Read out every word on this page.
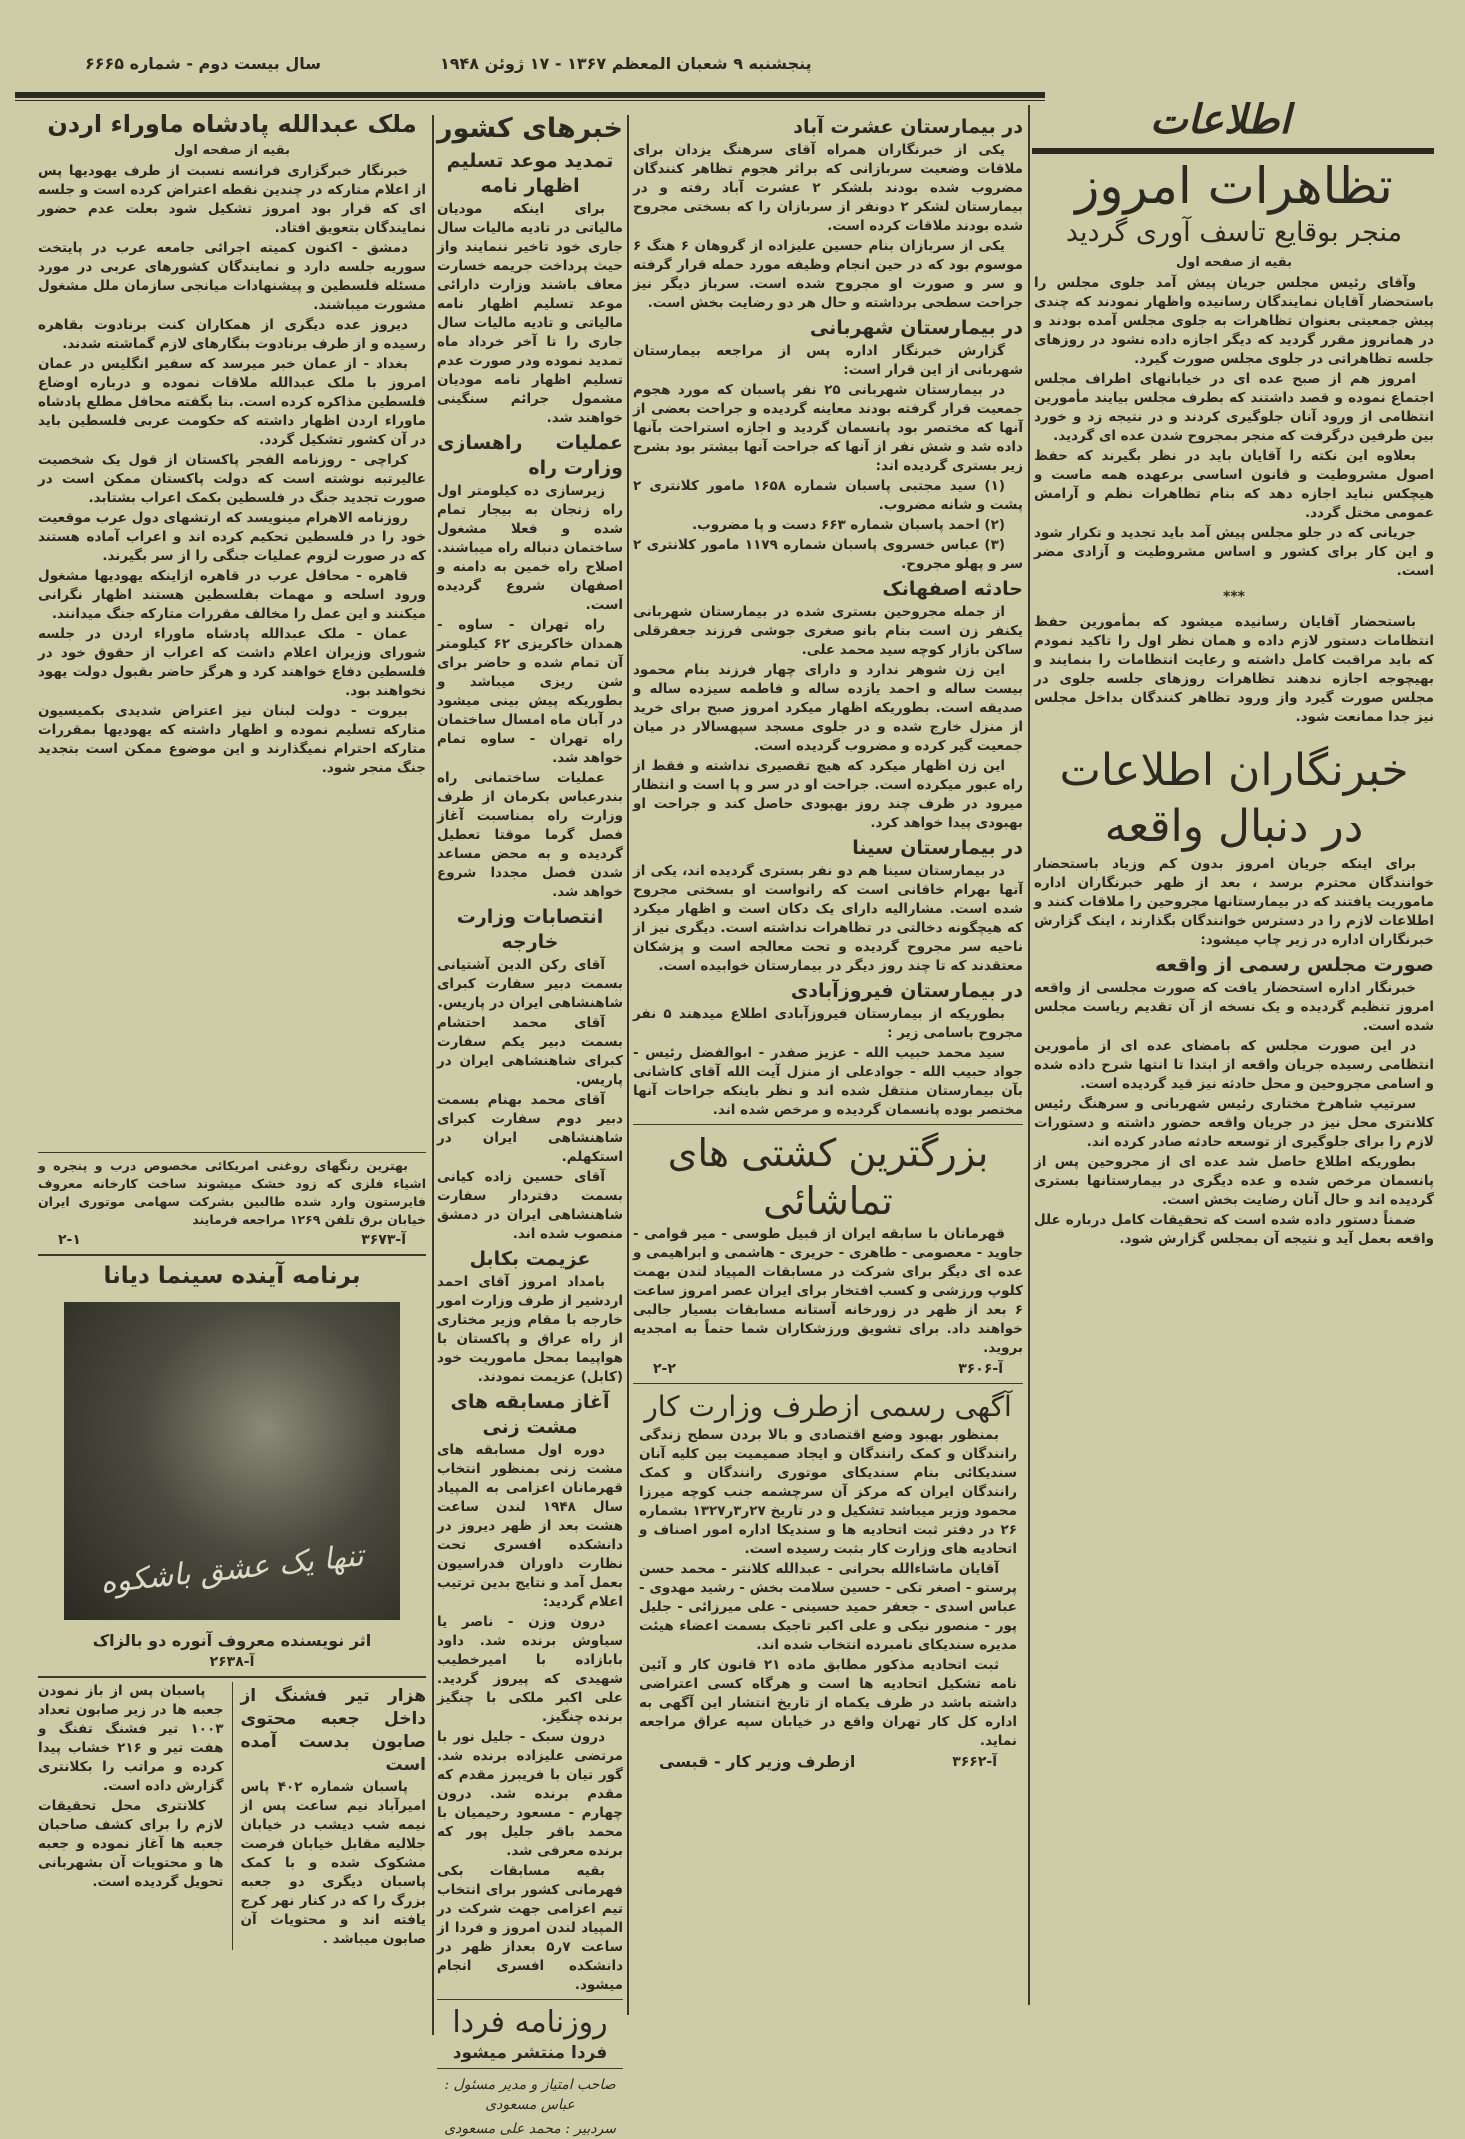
سال بیست دوم - شماره ۶۶۶۵	پنجشنبه ۹ شعبان المعظم ۱۳۶۷ - ۱۷ ژوئن ۱۹۴۸
اطلاعات
تظاهرات امروز
منجر بوقایع تاسف آوری گردید
بقیه از صفحه اول

وآقای رئیس مجلس جریان پیش آمد جلوی مجلس را باستحضار آقایان نمایندگان رسانیده واظهار نمودند که چندی پیش جمعیتی بعنوان تظاهرات به جلوی مجلس آمده بودند و در همانروز مقرر گردید که دیگر اجازه داده نشود در روزهای جلسه تظاهراتی در جلوی مجلس صورت گیرد.

امروز هم از صبح عده ای در خیابانهای اطراف مجلس اجتماع نموده و قصد داشتند که بطرف مجلس بیایند مأمورین انتظامی از ورود آنان جلوگیری کردند و در نتیجه زد و خورد بین طرفین درگرفت که منجر بمجروح شدن عده ای گردید.

بعلاوه این نکته را آقایان باید در نظر بگیرند که حفظ اصول مشروطیت و قانون اساسی برعهده همه ماست و هیچکس نباید اجازه دهد که بنام تظاهرات نظم و آرامش عمومی مختل گردد.

جریانی که در جلو مجلس پیش آمد باید تجدید و تکرار شود و این کار برای کشور و اساس مشروطیت و آزادی مضر است.

***

باستحضار آقایان رسانیده میشود که بمأمورین حفظ انتظامات دستور لازم داده و همان نظر اول را تاکید نمودم که باید مراقبت کامل داشته و رعایت انتظامات را بنمایند و بهیچوجه اجازه ندهند تظاهرات روزهای جلسه جلوی در مجلس صورت گیرد واز ورود تظاهر کنندگان بداخل مجلس نیز جدا ممانعت شود.

خبرنگاران اطلاعات
در دنبال واقعه

برای اینکه جریان امروز بدون کم وزیاد باستحضار خوانندگان محترم برسد ، بعد از ظهر خبرنگاران اداره ماموریت یافتند که در بیمارستانها مجروحین را ملاقات کنند و اطلاعات لازم را در دسترس خوانندگان بگذارند ، اینک گزارش خبرنگاران اداره در زیر چاپ میشود:

صورت مجلس رسمی از واقعه

خبرنگار اداره استحضار یافت که صورت مجلسی از واقعه امروز تنظیم گردیده و یک نسخه از آن تقدیم ریاست مجلس شده است.

در این صورت مجلس که بامضای عده ای از مأمورین انتظامی رسیده جریان واقعه از ابتدا تا انتها شرح داده شده و اسامی مجروحین و محل حادثه نیز قید گردیده است.

سرتیپ شاهرخ مختاری رئیس شهربانی و سرهنگ رئیس کلانتری محل نیز در جریان واقعه حضور داشته و دستورات لازم را برای جلوگیری از توسعه حادثه صادر کرده اند.

بطوریکه اطلاع حاصل شد عده ای از مجروحین پس از پانسمان مرخص شده و عده دیگری در بیمارستانها بستری گردیده اند و حال آنان رضایت بخش است.

ضمناً دستور داده شده است که تحقیقات کامل درباره علل واقعه بعمل آید و نتیجه آن بمجلس گزارش شود.

در بیمارستان عشرت آباد

یکی از خبرنگاران همراه آقای سرهنگ یزدان برای ملاقات وضعیت سربازانی که براثر هجوم تظاهر کنندگان مضروب شده بودند بلشکر ۲ عشرت آباد رفته و در بیمارستان لشکر ۲ دونفر از سربازان را که بسختی مجروح شده بودند ملاقات کرده است.

یکی از سربازان بنام حسین علیزاده از گروهان ۶ هنگ ۶ موسوم بود که در حین انجام وظیفه مورد حمله قرار گرفته و سر و صورت او مجروح شده است. سرباز دیگر نیز جراحت سطحی برداشته و حال هر دو رضایت بخش است.

در بیمارستان شهربانی

گزارش خبرنگار اداره پس از مراجعه بیمارستان شهربانی از این قرار است:

در بیمارستان شهربانی ۲۵ نفر پاسبان که مورد هجوم جمعیت قرار گرفته بودند معاینه گردیده و جراحت بعضی از آنها که مختصر بود پانسمان گردید و اجازه استراحت بآنها داده شد و شش نفر از آنها که جراحت آنها بیشتر بود بشرح زیر بستری گردیده اند:

(۱) سید مجتبی پاسبان شماره ۱۶۵۸ مامور کلانتری ۲ پشت و شانه مضروب.

(۲) احمد پاسبان شماره ۶۶۳ دست و پا مضروب.

(۳) عباس خسروی پاسبان شماره ۱۱۷۹ مامور کلانتری ۲ سر و پهلو مجروح.

حادثه اصفهانک

از جمله مجروحین بستری شده در بیمارستان شهربانی یکنفر زن است بنام بانو صغری جوشی فرزند جعفرقلی ساکن بازار کوچه سید محمد علی.

این زن شوهر ندارد و دارای چهار فرزند بنام محمود بیست ساله و احمد یازده ساله و فاطمه سیزده ساله و صدیقه است. بطوریکه اظهار میکرد امروز صبح برای خرید از منزل خارج شده و در جلوی مسجد سپهسالار در میان جمعیت گیر کرده و مضروب گردیده است.

این زن اظهار میکرد که هیچ تقصیری نداشته و فقط از راه عبور میکرده است. جراحت او در سر و پا است و انتظار میرود در ظرف چند روز بهبودی حاصل کند و جراحت او بهبودی پیدا خواهد کرد.

در بیمارستان سینا

در بیمارستان سینا هم دو نفر بستری گردیده اند، یکی از آنها بهرام خاقانی است که رانواست او بسختی مجروح شده است. مشارالیه دارای یک دکان است و اظهار میکرد که هیچگونه دخالتی در تظاهرات نداشته است. دیگری نیز از ناحیه سر مجروح گردیده و تحت معالجه است و پزشکان معتقدند که تا چند روز دیگر در بیمارستان خوابیده است.

در بیمارستان فیروزآبادی

بطوریکه از بیمارستان فیروزآبادی اطلاع میدهند ۵ نفر مجروح باسامی زیر :

سید محمد حبیب الله - عزیز صفدر - ابوالفضل رئیس - جواد حبیب الله - جوادعلی از منزل آیت الله آقای کاشانی بآن بیمارستان منتقل شده اند و نظر باینکه جراحات آنها مختصر بوده پانسمان گردیده و مرخص شده اند.

بزرگترین کشتی های تماشائی

قهرمانان با سابقه ایران از قبیل طوسی - میر قوامی - جاوید - معصومی - طاهری - حریری - هاشمی و ابراهیمی و عده ای دیگر برای شرکت در مسابقات المپیاد لندن بهمت کلوپ ورزشی و کسب افتخار برای ایران عصر امروز ساعت ۶ بعد از ظهر در زورخانه آستانه مسابقات بسیار جالبی خواهند داد. برای تشویق ورزشکاران شما حتماً به امجدیه بروید.

آ-۳۶۰۶
۲-۲
آگهی رسمی ازطرف وزارت کار

بمنظور بهبود وضع اقتصادی و بالا بردن سطح زندگی رانندگان و کمک رانندگان و ایجاد صمیمیت بین کلیه آنان سندیکائی بنام سندیکای موتوری رانندگان و کمک رانندگان ایران که مرکز آن سرچشمه جنب کوچه میرزا محمود وزیر میباشد تشکیل و در تاریخ ۲۷ر۳ر۱۳۲۷ بشماره ۲۶ در دفتر ثبت اتحادیه ها و سندیکا اداره امور اصناف و اتحادیه های وزارت کار بثبت رسیده است.

آقایان ماشاءالله بحرانی - عبدالله کلانتر - محمد حسن پرستو - اصغر تکی - حسین سلامت بخش - رشید مهدوی - عباس اسدی - جعفر حمید حسینی - علی میرزائی - جلیل پور - منصور نیکی و علی اکبر تاجیک بسمت اعضاء هیئت مدیره سندیکای نامبرده انتخاب شده اند.

ثبت اتحادیه مذکور مطابق ماده ۲۱ قانون کار و آئین نامه تشکیل اتحادیه ها است و هرگاه کسی اعتراضی داشته باشد در ظرف یکماه از تاریخ انتشار این آگهی به اداره کل کار تهران واقع در خیابان سپه عراق مراجعه نماید.

آ-۳۶۶۲
ازطرف وزیر کار - قبسی
خبرهای کشور
تمدید موعد تسلیم اظهار نامه

برای اینکه مودیان مالیاتی در تادیه مالیات سال جاری خود تاخیر ننمایند واز حیث پرداخت جریمه خسارت معاف باشند وزارت دارائی موعد تسلیم اظهار نامه مالیاتی و تادیه مالیات سال جاری را تا آخر خرداد ماه تمدید نموده ودر صورت عدم تسلیم اظهار نامه مودیان مشمول جرائم سنگینی خواهند شد.

عملیات راهسازی وزارت راه

زیرسازی ده کیلومتر اول راه زنجان به بیجار تمام شده و فعلا مشغول ساختمان دنباله راه میباشند. اصلاح راه خمین به دامنه و اصفهان شروع گردیده است.

راه تهران - ساوه - همدان خاکریزی ۶۲ کیلومتر آن تمام شده و حاضر برای شن ریزی میباشد و بطوریکه پیش بینی میشود در آبان ماه امسال ساختمان راه تهران - ساوه تمام خواهد شد.

عملیات ساختمانی راه بندرعباس بکرمان از طرف وزارت راه بمناسبت آغاز فصل گرما موقتا تعطیل گردیده و به محض مساعد شدن فصل مجددا شروع خواهد شد.

انتصابات وزارت خارجه

آقای رکن الدین آشتیانی بسمت دبیر سفارت کبرای شاهنشاهی ایران در پاریس.

آقای محمد احتشام بسمت دبیر یکم سفارت کبرای شاهنشاهی ایران در پاریس.

آقای محمد بهنام بسمت دبیر دوم سفارت کبرای شاهنشاهی ایران در استکهلم.

آقای حسین زاده کیانی بسمت دفتردار سفارت شاهنشاهی ایران در دمشق منصوب شده اند.

عزیمت بکابل

بامداد امروز آقای احمد اردشیر از طرف وزارت امور خارجه با مقام وزیر مختاری از راه عراق و پاکستان با هواپیما بمحل ماموریت خود (کابل) عزیمت نمودند.

آغاز مسابقه های مشت زنی

دوره اول مسابقه های مشت زنی بمنظور انتخاب قهرمانان اعزامی به المپیاد سال ۱۹۴۸ لندن ساعت هشت بعد از ظهر دیروز در دانشکده افسری تحت نظارت داوران فدراسیون بعمل آمد و نتایج بدین ترتیب اعلام گردید:

درون وزن - ناصر یا سیاوش برنده شد. داود بابازاده با امیرخطیب شهیدی که پیروز گردید. علی اکبر ملکی با چنگیز برنده چنگیز.

درون سبک - جلیل نور با مرتضی علیزاده برنده شد. گور تیان با فریبرز مقدم که مقدم برنده شد. درون چهارم - مسعود رحیمیان با محمد باقر جلیل پور که برنده معرفی شد.

بقیه مسابقات بکی فهرمانی کشور برای انتخاب تیم اعزامی جهت شرکت در المپیاد لندن امروز و فردا از ساعت ۷ر۵ بعداز ظهر در دانشکده افسری انجام میشود.

روزنامه فردا
فردا منتشر میشود
صاحب امتیاز و مدیر مسئول : عباس مسعودی
سردبیر : محمد علی مسعودی
ملک عبدالله پادشاه ماوراء اردن
بقیه از صفحه اول

خبرنگار خبرگزاری فرانسه نسبت از طرف یهودیها پس از اعلام متارکه در چندین نقطه اعتراض کرده است و جلسه ای که قرار بود امروز تشکیل شود بعلت عدم حضور نمایندگان بتعویق افتاد.

دمشق - اکنون کمیته اجرائی جامعه عرب در پایتخت سوریه جلسه دارد و نمایندگان کشورهای عربی در مورد مسئله فلسطین و پیشنهادات میانجی سازمان ملل مشغول مشورت میباشند.

دیروز عده دیگری از همکاران کنت برنادوت بقاهره رسیده و از طرف برنادوت بنگارهای لازم گماشته شدند.

بغداد - از عمان خبر میرسد که سفیر انگلیس در عمان امروز با ملک عبدالله ملاقات نموده و درباره اوضاع فلسطین مذاکره کرده است. بنا بگفته محافل مطلع پادشاه ماوراء اردن اظهار داشته که حکومت عربی فلسطین باید در آن کشور تشکیل گردد.

کراچی - روزنامه الفجر پاکستان از قول یک شخصیت عالیرتبه نوشته است که دولت پاکستان ممکن است در صورت تجدید جنگ در فلسطین بکمک اعراب بشتابد.

روزنامه الاهرام مینویسد که ارتشهای دول عرب موقعیت خود را در فلسطین تحکیم کرده اند و اعراب آماده هستند که در صورت لزوم عملیات جنگی را از سر بگیرند.

قاهره - محافل عرب در قاهره ازاینکه یهودیها مشغول ورود اسلحه و مهمات بفلسطین هستند اظهار نگرانی میکنند و این عمل را مخالف مقررات متارکه جنگ میدانند.

عمان - ملک عبدالله پادشاه ماوراء اردن در جلسه شورای وزیران اعلام داشت که اعراب از حقوق خود در فلسطین دفاع خواهند کرد و هرگز حاضر بقبول دولت یهود نخواهند بود.

بیروت - دولت لبنان نیز اعتراض شدیدی بکمیسیون متارکه تسلیم نموده و اظهار داشته که یهودیها بمقررات متارکه احترام نمیگذارند و این موضوع ممکن است بتجدید جنگ منجر شود.

بهترین رنگهای روغنی امریکائی مخصوص درب و پنجره و اشیاء فلزی که زود خشک میشوند ساخت کارخانه معروف فایرستون وارد شده طالبین بشرکت سهامی موتوری ایران خیابان برق تلفن ۱۲۶۹ مراجعه فرمایند

آ-۳۶۷۳
۲-۱
برنامه آینده سینما دیانا
تنها یک عشق باشکوه
اثر نویسنده معروف آنوره دو بالزاک
آ-۲۶۳۸
هزار تیر فشنگ از داخل جعبه محتوی صابون بدست آمده است

پاسبان شماره ۴۰۲ پاس امیرآباد نیم ساعت پس از نیمه شب دیشب در خیابان جلالیه مقابل خیابان فرصت مشکوک شده و با کمک پاسبان دیگری دو جعبه بزرگ را که در کنار نهر کرج یافته اند و محتویات آن صابون میباشد .

پاسبان پس از باز نمودن جعبه ها در زیر صابون تعداد ۱۰۰۳ تیر فشنگ تفنگ و هفت تیر و ۲۱۶ خشاب پیدا کرده و مراتب را بکلانتری گزارش داده است.

کلانتری محل تحقیقات لازم را برای کشف صاحبان جعبه ها آغاز نموده و جعبه ها و محتویات آن بشهربانی تحویل گردیده است.
